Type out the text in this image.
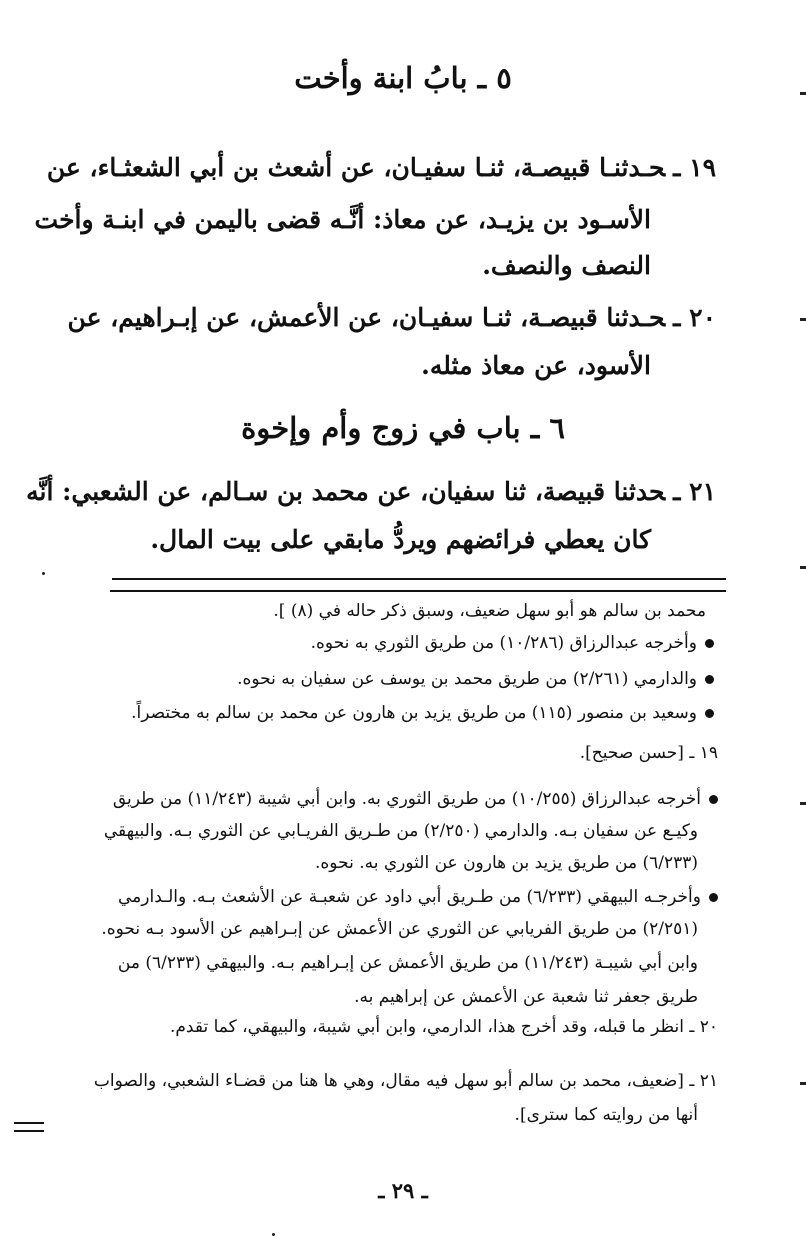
٥ ـ بابُ ابنة وأخت
١٩ ـحـدثنـا قبيصـة، ثنـا سفيـان، عن أشعث بن أبي الشعثـاء، عن
الأسـود بن يزيـد، عن معاذ: أنَّـه قضى باليمن في ابنـة وأخت
النصف والنصف.
٢٠ ـحـدثنا قبيصـة، ثنـا سفيـان، عن الأعمش، عن إبـراهيم، عن
الأسود، عن معاذ مثله.
٦ ـ باب في زوج وأم وإخوة
٢١ ـحدثنا قبيصة، ثنا سفيان، عن محمد بن سـالم، عن الشعبي: أنَّه
كان يعطي فرائضهم ويردُّ مابقي على بيت المال.
محمد بن سالم هو أبو سهل ضعيف، وسبق ذكر حاله في (٨) ].
وأخرجه عبدالرزاق (١٠/٢٨٦) من طريق الثوري به نحوه.
والدارمي (٢/٢٦١) من طريق محمد بن يوسف عن سفيان به نحوه.
وسعيد بن منصور (١١٥) من طريق يزيد بن هارون عن محمد بن سالم به مختصراً.
١٩ ـ [حسن صحيح].
أخرجه عبدالرزاق (١٠/٢٥٥) من طريق الثوري به. وابن أبي شيبة (١١/٢٤٣) من طريق
وكيـع عن سفيان بـه. والدارمي (٢/٢٥٠) من طـريق الفريـابي عن الثوري بـه. والبيهقي
(٦/٢٣٣) من طريق يزيد بن هارون عن الثوري به. نحوه.
وأخرجـه البيهقي (٦/٢٣٣) من طـريق أبي داود عن شعبـة عن الأشعث بـه. والـدارمي
(٢/٢٥١) من طريق الفريابي عن الثوري عن الأعمش عن إبـراهيم عن الأسود بـه نحوه.
وابن أبي شيبـة (١١/٢٤٣) من طريق الأعمش عن إبـراهيم بـه. والبيهقي (٦/٢٣٣) من
طريق جعفر ثنا شعبة عن الأعمش عن إبراهيم به.
٢٠ ـ انظر ما قبله، وقد أخرج هذا، الدارمي، وابن أبي شيبة، والبيهقي، كما تقدم.
٢١ ـ [ضعيف، محمد بن سالم أبو سهل فيه مقال، وهي ها هنا من قضـاء الشعبي، والصواب
أنها من روايته كما سترى].
ـ ٢٩ ـ
